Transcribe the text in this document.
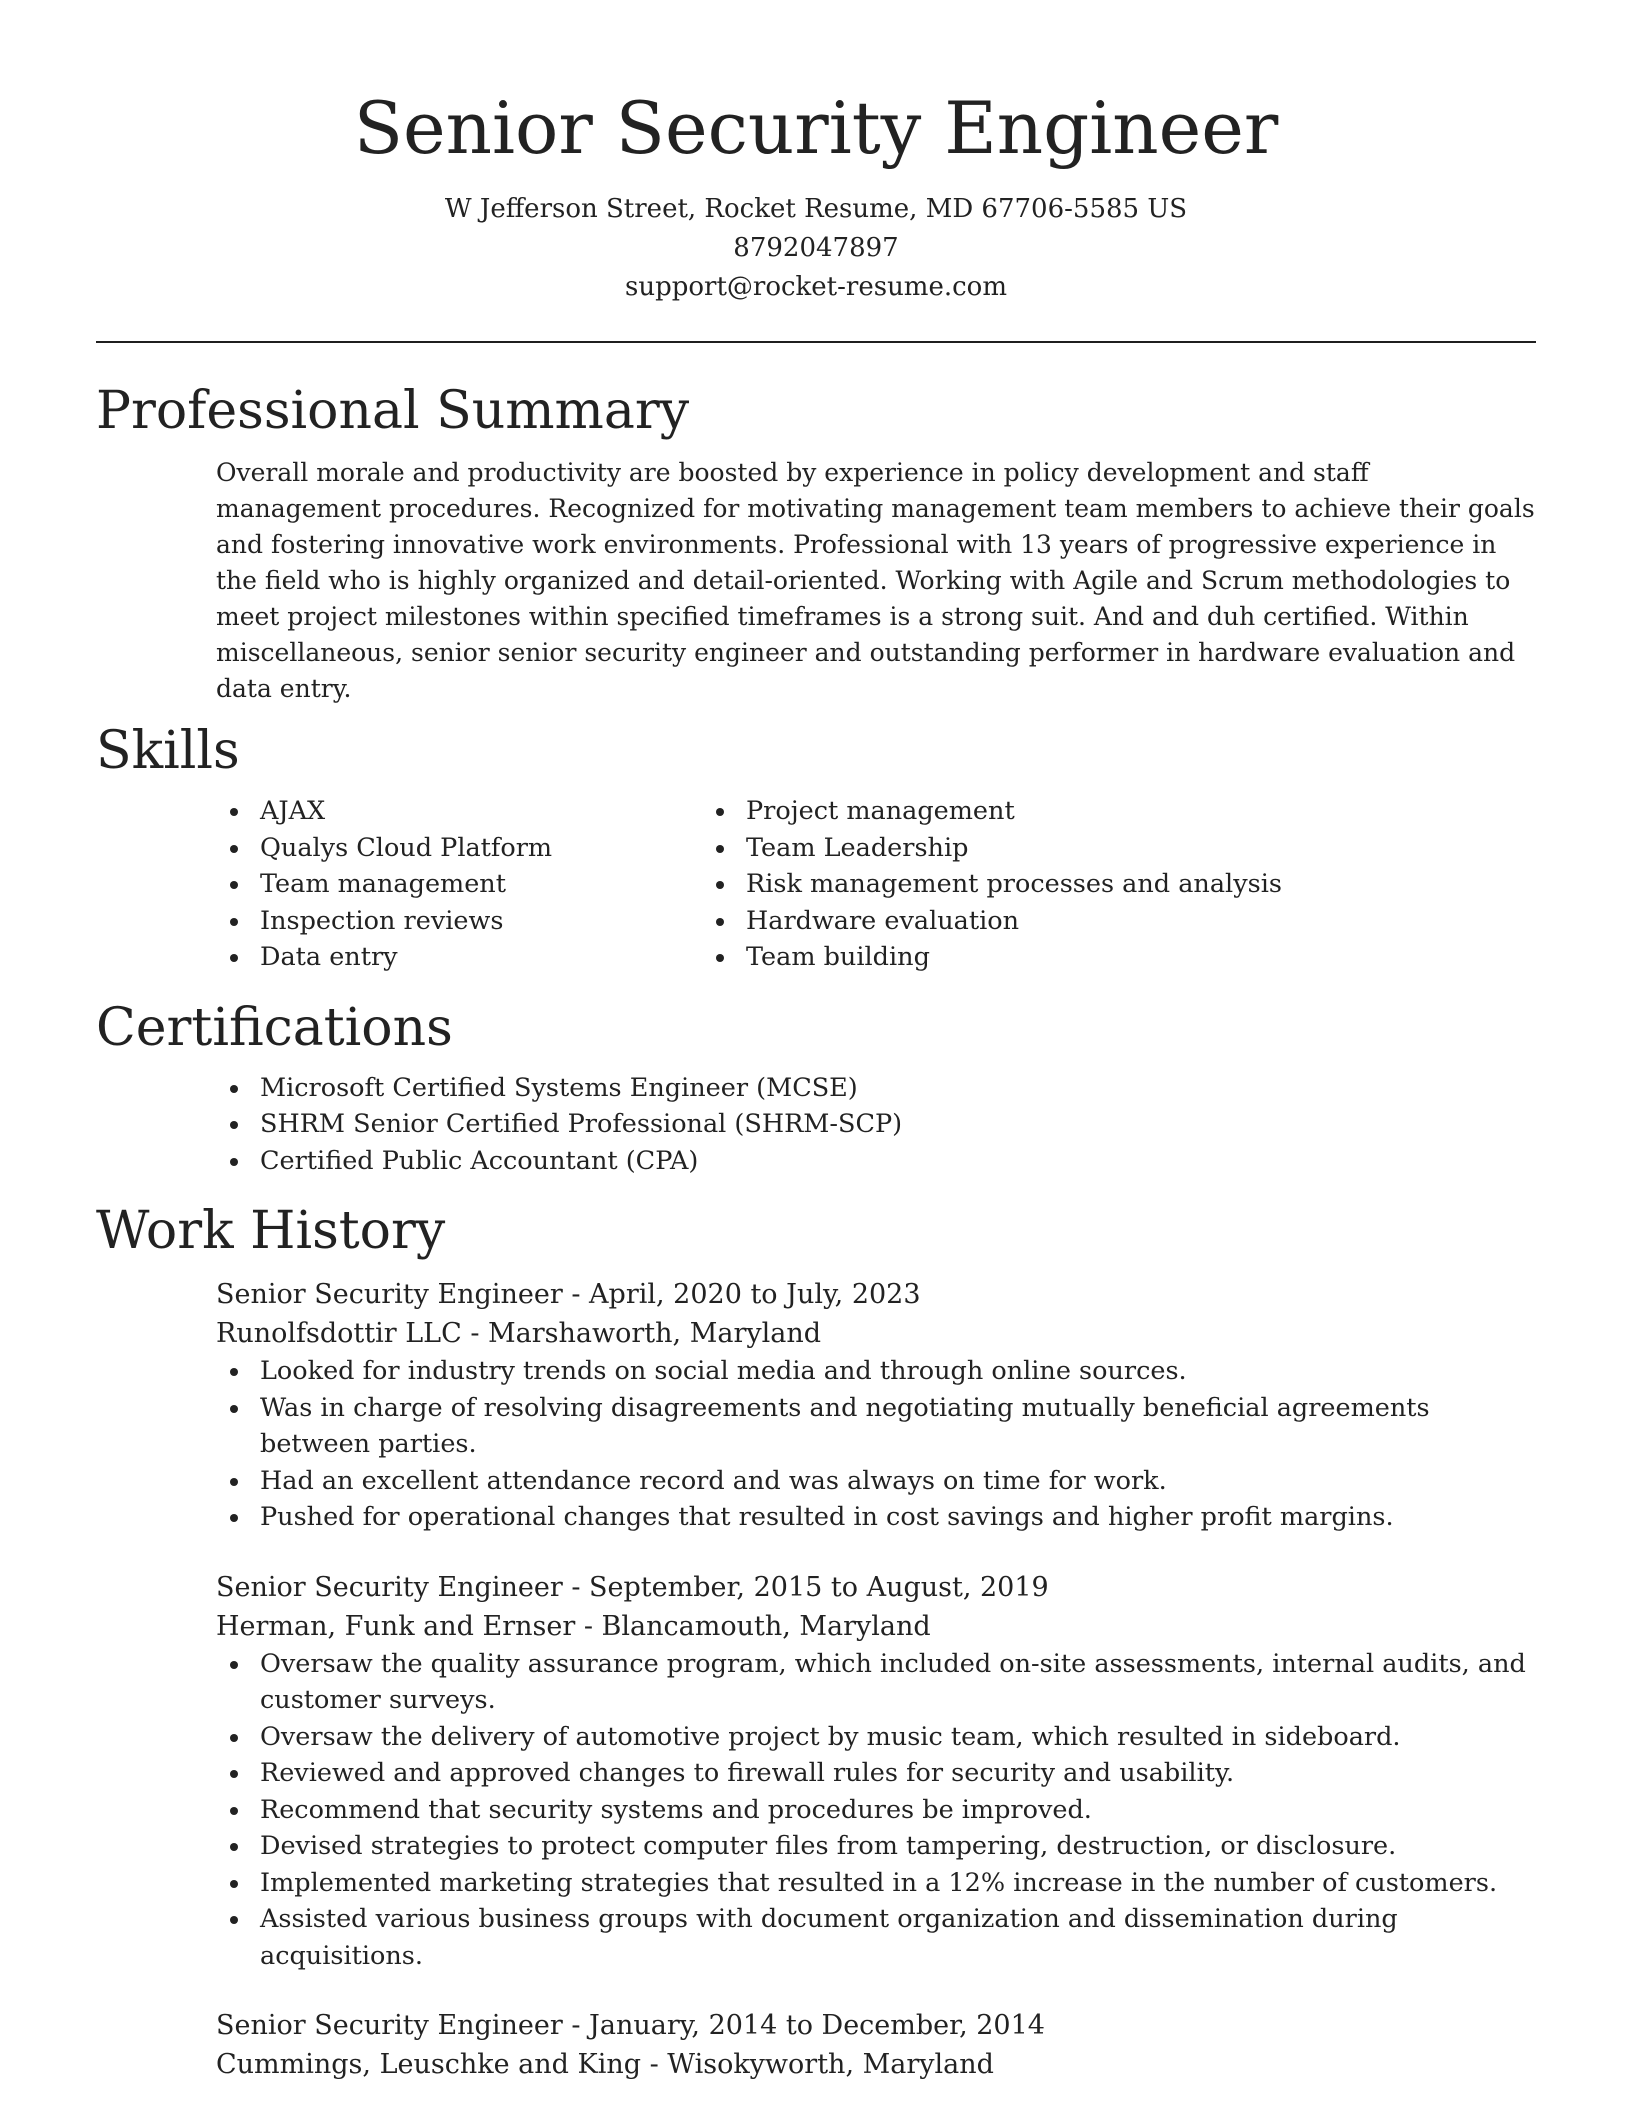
Senior Security Engineer
W Jefferson Street, Rocket Resume, MD 67706-5585 US
8792047897
support@rocket-resume.com
Professional Summary

Overall morale and productivity are boosted by experience in policy development and staff management procedures. Recognized for motivating management team members to achieve their goals and fostering innovative work environments. Professional with 13 years of progressive experience in the field who is highly organized and detail-oriented. Working with Agile and Scrum methodologies to meet project milestones within specified timeframes is a strong suit. And and duh certified. Within miscellaneous, senior senior security engineer and outstanding performer in hardware evaluation and data entry.

Skills
AJAX
Qualys Cloud Platform
Team management
Inspection reviews
Data entry
Project management
Team Leadership
Risk management processes and analysis
Hardware evaluation
Team building
Certifications
Microsoft Certified Systems Engineer (MCSE)
SHRM Senior Certified Professional (SHRM-SCP)
Certified Public Accountant (CPA)
Work History
Senior Security Engineer - April, 2020 to July, 2023
Runolfsdottir LLC - Marshaworth, Maryland
Looked for industry trends on social media and through online sources.
Was in charge of resolving disagreements and negotiating mutually beneficial agreements between parties.
Had an excellent attendance record and was always on time for work.
Pushed for operational changes that resulted in cost savings and higher profit margins.
Senior Security Engineer - September, 2015 to August, 2019
Herman, Funk and Ernser - Blancamouth, Maryland
Oversaw the quality assurance program, which included on-site assessments, internal audits, and customer surveys.
Oversaw the delivery of automotive project by music team, which resulted in sideboard.
Reviewed and approved changes to firewall rules for security and usability.
Recommend that security systems and procedures be improved.
Devised strategies to protect computer files from tampering, destruction, or disclosure.
Implemented marketing strategies that resulted in a 12% increase in the number of customers.
Assisted various business groups with document organization and dissemination during acquisitions.
Senior Security Engineer - January, 2014 to December, 2014
Cummings, Leuschke and King - Wisokyworth, Maryland
